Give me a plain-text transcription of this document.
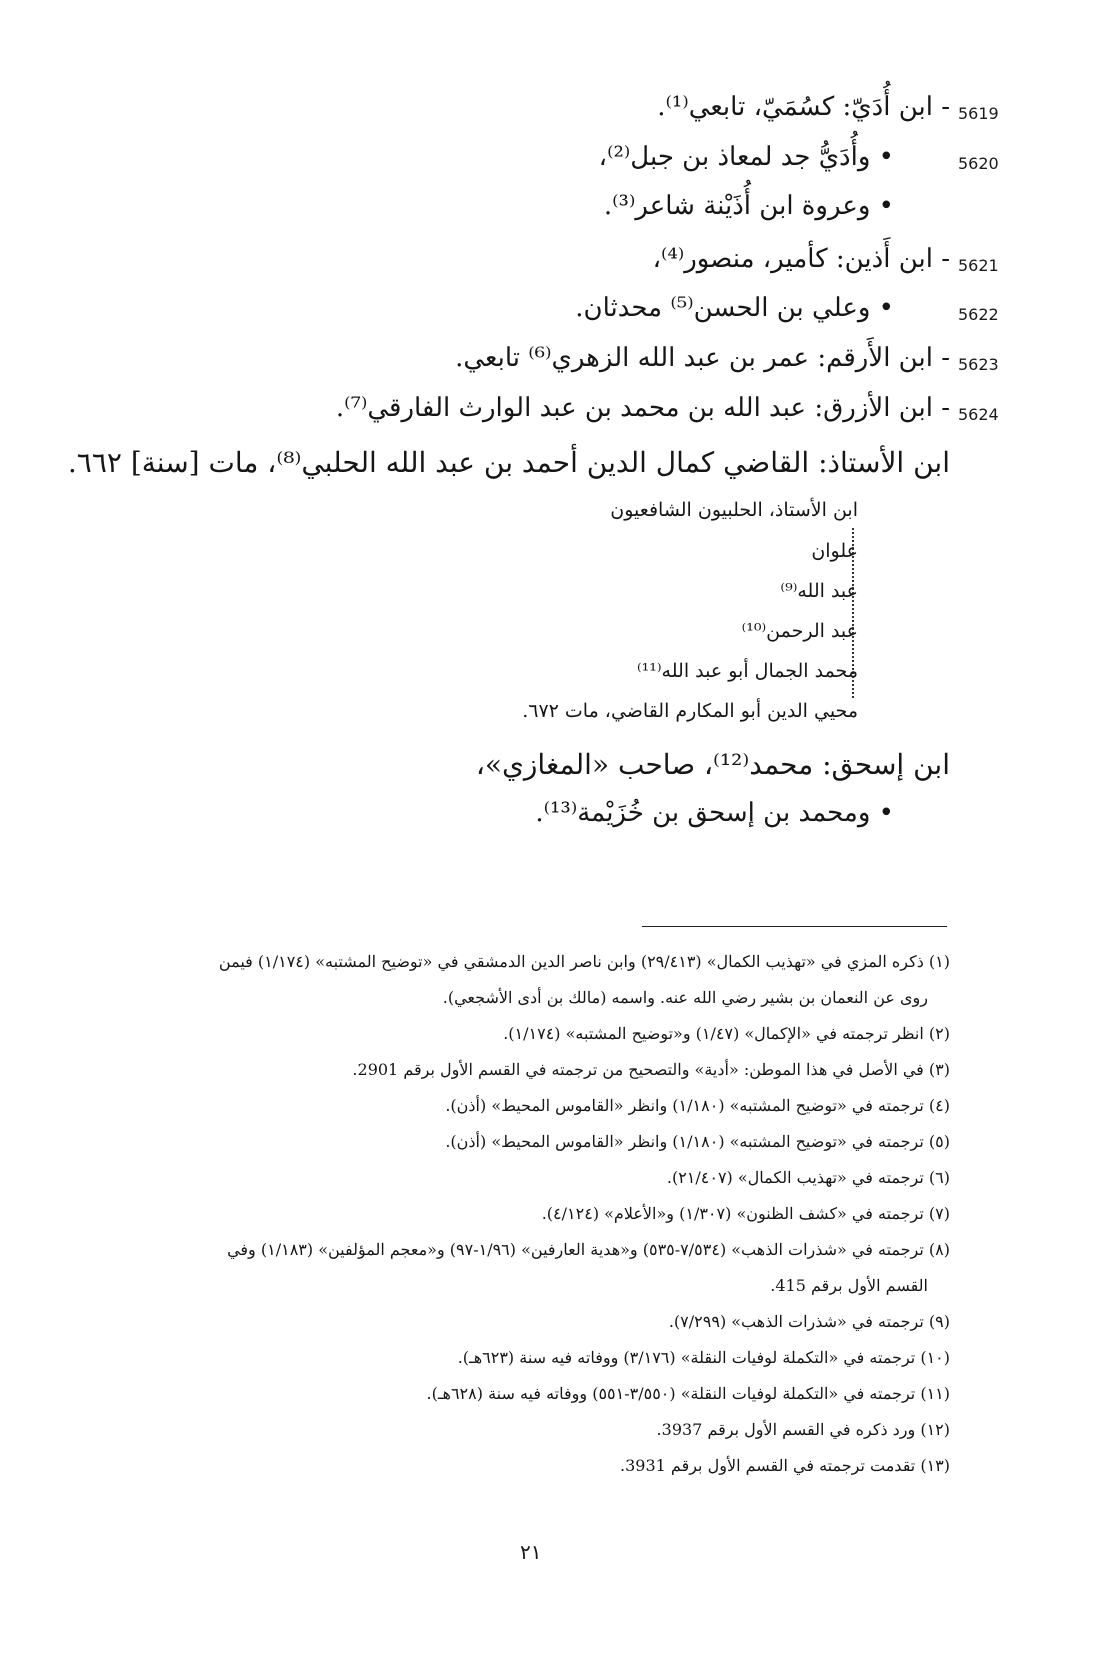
5619
- ابن أُدَيّ: كسُمَيّ، تابعي⁽¹⁾.
5620
• وأُدَيُّ جد لمعاذ بن جبل⁽²⁾،
• وعروة ابن أُذَيْنة شاعر⁽³⁾.
5621
- ابن أَذين: كأمير، منصور⁽⁴⁾،
5622
• وعلي بن الحسن⁽⁵⁾ محدثان.
5623
- ابن الأَرقم: عمر بن عبد الله الزهري⁽⁶⁾ تابعي.
5624
- ابن الأزرق: عبد الله بن محمد بن عبد الوارث الفارقي⁽⁷⁾.
ابن الأستاذ: القاضي كمال الدين أحمد بن عبد الله الحلبي⁽⁸⁾، مات [سنة] ٦٦٢.
ابن الأستاذ، الحلبيون الشافعيون
علوان
عبد الله⁽⁹⁾
عبد الرحمن⁽¹⁰⁾
محمد الجمال أبو عبد الله⁽¹¹⁾
محيي الدين أبو المكارم القاضي، مات ٦٧٢.
ابن إسحق: محمد⁽¹²⁾، صاحب «المغازي»،
• ومحمد بن إسحق بن خُزَيْمة⁽¹³⁾.
(١) ذكره المزي في «تهذيب الكمال» (٢٩/٤١٣) وابن ناصر الدين الدمشقي في «توضيح المشتبه» (١/١٧٤) فيمن
روى عن النعمان بن بشير رضي الله عنه. واسمه (مالك بن أدى الأشجعي).
(٢) انظر ترجمته في «الإكمال» (١/٤٧) و«توضيح المشتبه» (١/١٧٤).
(٣) في الأصل في هذا الموطن: «أدية» والتصحيح من ترجمته في القسم الأول برقم 2901.
(٤) ترجمته في «توضيح المشتبه» (١/١٨٠) وانظر «القاموس المحيط» (أذن).
(٥) ترجمته في «توضيح المشتبه» (١/١٨٠) وانظر «القاموس المحيط» (أذن).
(٦) ترجمته في «تهذيب الكمال» (٢١/٤٠٧).
(٧) ترجمته في «كشف الظنون» (١/٣٠٧) و«الأعلام» (٤/١٢٤).
(٨) ترجمته في «شذرات الذهب» (٧/٥٣٤-٥٣٥) و«هدية العارفين» (١/٩٦-٩٧) و«معجم المؤلفين» (١/١٨٣) وفي
القسم الأول برقم 415.
(٩) ترجمته في «شذرات الذهب» (٧/٢٩٩).
(١٠) ترجمته في «التكملة لوفيات النقلة» (٣/١٧٦) ووفاته فيه سنة (٦٢٣هـ).
(١١) ترجمته في «التكملة لوفيات النقلة» (٣/٥٥٠-٥٥١) ووفاته فيه سنة (٦٢٨هـ).
(١٢) ورد ذكره في القسم الأول برقم 3937.
(١٣) تقدمت ترجمته في القسم الأول برقم 3931.
٢١
